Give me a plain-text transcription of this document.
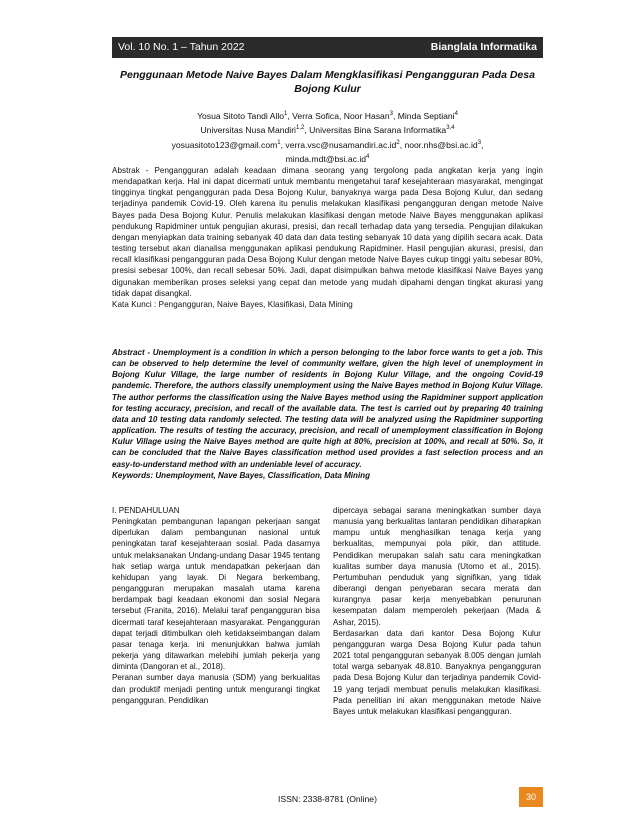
Vol. 10 No. 1 – Tahun 2022	Bianglala Informatika
Penggunaan Metode Naive Bayes Dalam Mengklasifikasi Pengangguran Pada Desa Bojong Kulur
Yosua Sitoto Tandi Allo$^1$, Verra Sofica, Noor Hasan$^3$, Minda Septiani$^4$
Universitas Nusa Mandiri$^{1,2}$, Universitas Bina Sarana Informatika$^{3,4}$
yosuasitoto123@gmail.com$^1$, $verra.vsc@nusamandiri.ac.id^2$, $noor.nhs@bsi.ac.id^3$,
$minda.mdt@bsi.ac.id^4$
Abstrak - Pengangguran adalah keadaan dimana seorang yang tergolong pada angkatan kerja yang ingin mendapatkan kerja. Hal ini dapat dicermati untuk membantu mengetahui taraf kesejahteraan masyarakat, mengingat tingginya tingkat pengangguran pada Desa Bojong Kulur, banyaknya warga pada Desa Bojong Kulur, dan sedang terjadinya pandemik Covid-19. Oleh karena itu penulis melakukan klasifikasi pengangguran dengan metode Naive Bayes pada Desa Bojong Kulur. Penulis melakukan klasifikasi dengan metode Naive Bayes menggunakan aplikasi pendukung Rapidminer untuk pengujian akurasi, presisi, dan recall terhadap data yang tersedia. Pengujian dilakukan dengan menyiapkan data training sebanyak 40 data dan data testing sebanyak 10 data yang dipilih secara acak. Data testing tersebut akan dianalisa menggunakan aplikasi pendukung Rapidminer. Hasil pengujian akurasi, presisi, dan recall klasifikasi pengangguran pada Desa Bojong Kulur dengan metode Naive Bayes cukup tinggi yaitu sebesar 80%, presisi sebesar 100%, dan recall sebesar 50%. Jadi, dapat disimpulkan bahwa metode klasifikasi Naive Bayes yang digunakan memberikan proses seleksi yang cepat dan metode yang mudah dipahami dengan tingkat akurasi yang tidak dapat disangkal.
Kata Kunci : Pengangguran, Naive Bayes, Klasifikasi, Data Mining
Abstract - Unemployment is a condition in which a person belonging to the labor force wants to get a job. This can be observed to help determine the level of community welfare, given the high level of unemployment in Bojong Kulur Village, the large number of residents in Bojong Kulur Village, and the ongoing Covid-19 pandemic. Therefore, the authors classify unemployment using the Naive Bayes method in Bojong Kulur Village. The author performs the classification using the Naive Bayes method using the Rapidminer support application for testing accuracy, precision, and recall of the available data. The test is carried out by preparing 40 training data and 10 testing data randomly selected. The testing data will be analyzed using the Rapidminer supporting application. The results of testing the accuracy, precision, and recall of unemployment classification in Bojong Kulur Village using the Naive Bayes method are quite high at 80%, precision at 100%, and recall at 50%. So, it can be concluded that the Naive Bayes classification method used provides a fast selection process and an easy-to-understand method with an undeniable level of accuracy.
Keywords: Unemployment, Nave Bayes, Classification, Data Mining

I. PENDAHULUAN

Peningkatan pembangunan lapangan pekerjaan sangat diperlukan dalam pembangunan nasional untuk peningkatan taraf kesejahteraan sosial. Pada dasarnya untuk melaksanakan Undang-undang Dasar 1945 tentang hak setiap warga untuk mendapatkan pekerjaan dan kehidupan yang layak. Di Negara berkembang, pengangguran merupakan masalah utama karena berdampak bagi keadaan ekonomi dan sosial Negara tersebut (Franita, 2016). Melalui taraf pengangguran bisa dicermati taraf kesejahteraan masyarakat. Pengangguran dapat terjadi ditimbulkan oleh ketidakseimbangan dalam pasar tenaga kerja. ini menunjukkan bahwa jumlah pekerja yang ditawarkan melebihi jumlah pekerja yang diminta (Dangoran et al., 2018).

Peranan sumber daya manusia (SDM) yang berkualitas dan produktif menjadi penting untuk mengurangi tingkat pengangguran. Pendidikan

dipercaya sebagai sarana meningkatkan sumber daya manusia yang berkualitas lantaran pendidikan diharapkan mampu untuk menghasilkan tenaga kerja yang berkualitas, mempunyai pola pikir, dan attitude. Pendidikan merupakan salah satu cara meningkatkan kualitas sumber daya manusia (Utomo et al., 2015). Pertumbuhan penduduk yang signifikan, yang tidak diberangi dengan penyebaran secara merata dan kurangnya pasar kerja menyebabkan penurunan kesempatan dalam memperoleh pekerjaan (Mada & Ashar, 2015).

Berdasarkan data dari kantor Desa Bojong Kulur pengangguran warga Desa Bojong Kulur pada tahun 2021 total pengangguran sebanyak 8.005 dengan jumlah total warga sebanyak 48.810. Banyaknya pengangguran pada Desa Bojong Kulur dan terjadinya pandemik Covid-19 yang terjadi membuat penulis melakukan klasifikasi. Pada penelitian ini akan menggunakan metode Naive Bayes untuk melakukan klasifikasi pengangguran.

ISSN: 2338-8781 (Online)	30
